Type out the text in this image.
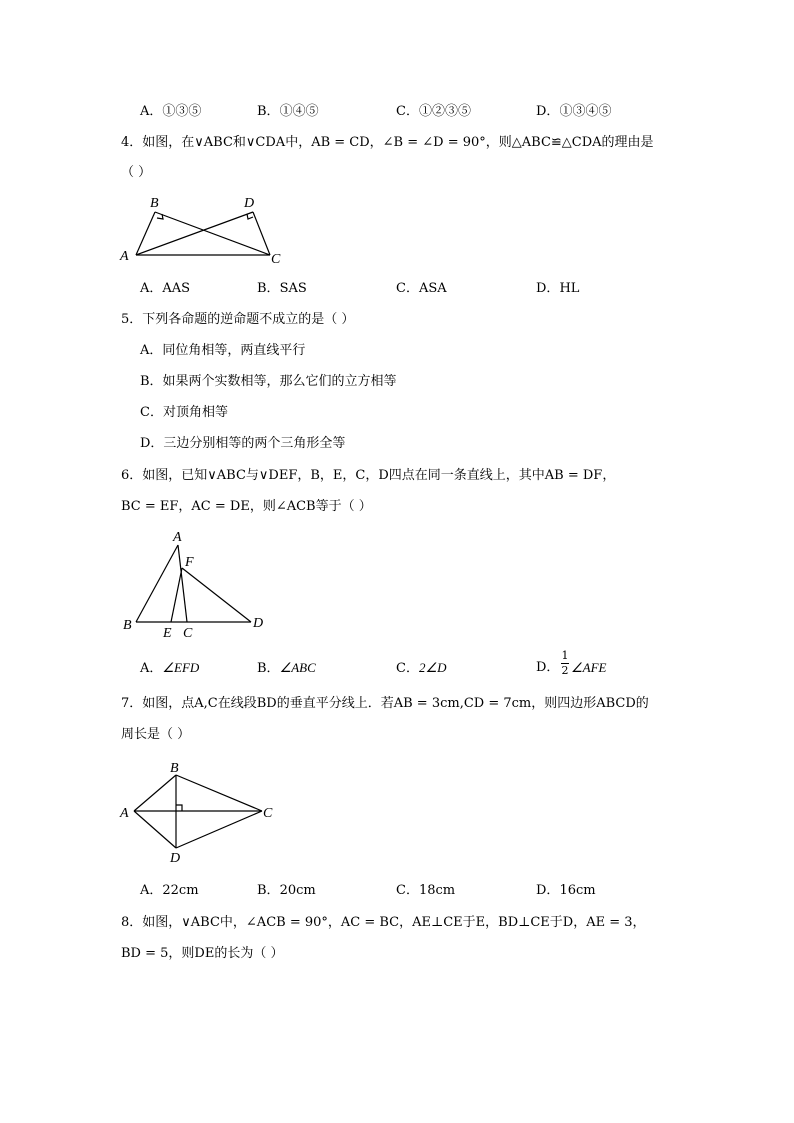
A．①③⑤	B．①④⑤	C．①②③⑤	D．①③④⑤
4．如图，在∨ABC和∨CDA中，AB = CD，∠B = ∠D = 90°，则△ABC≌△CDA的理由是
（ ）
A
B
C
D
A．AAS	B．SAS	C．ASA	D．HL
5．下列各命题的逆命题不成立的是（ ）
A．同位角相等，两直线平行
B．如果两个实数相等，那么它们的立方相等
C．对顶角相等
D．三边分别相等的两个三角形全等
6．如图，已知∨ABC与∨DEF，B，E，C，D四点在同一条直线上，其中AB = DF，
BC = EF，AC = DE，则∠ACB等于（ ）
A
F
B
E C
D
A．∠EFD	B．∠ABC	C．2∠D	D．
1
2 ∠AFE
7．如图，点A,C在线段BD的垂直平分线上．若AB = 3cm,CD = 7cm，则四边形ABCD的
周长是（ ）
A
B
C
D
A．22cm	B．20cm	C．18cm	D．16cm
8．如图，∨ABC中，∠ACB = 90°，AC = BC，AE⊥CE于E，BD⊥CE于D，AE = 3，
BD = 5，则DE的长为（ ）
